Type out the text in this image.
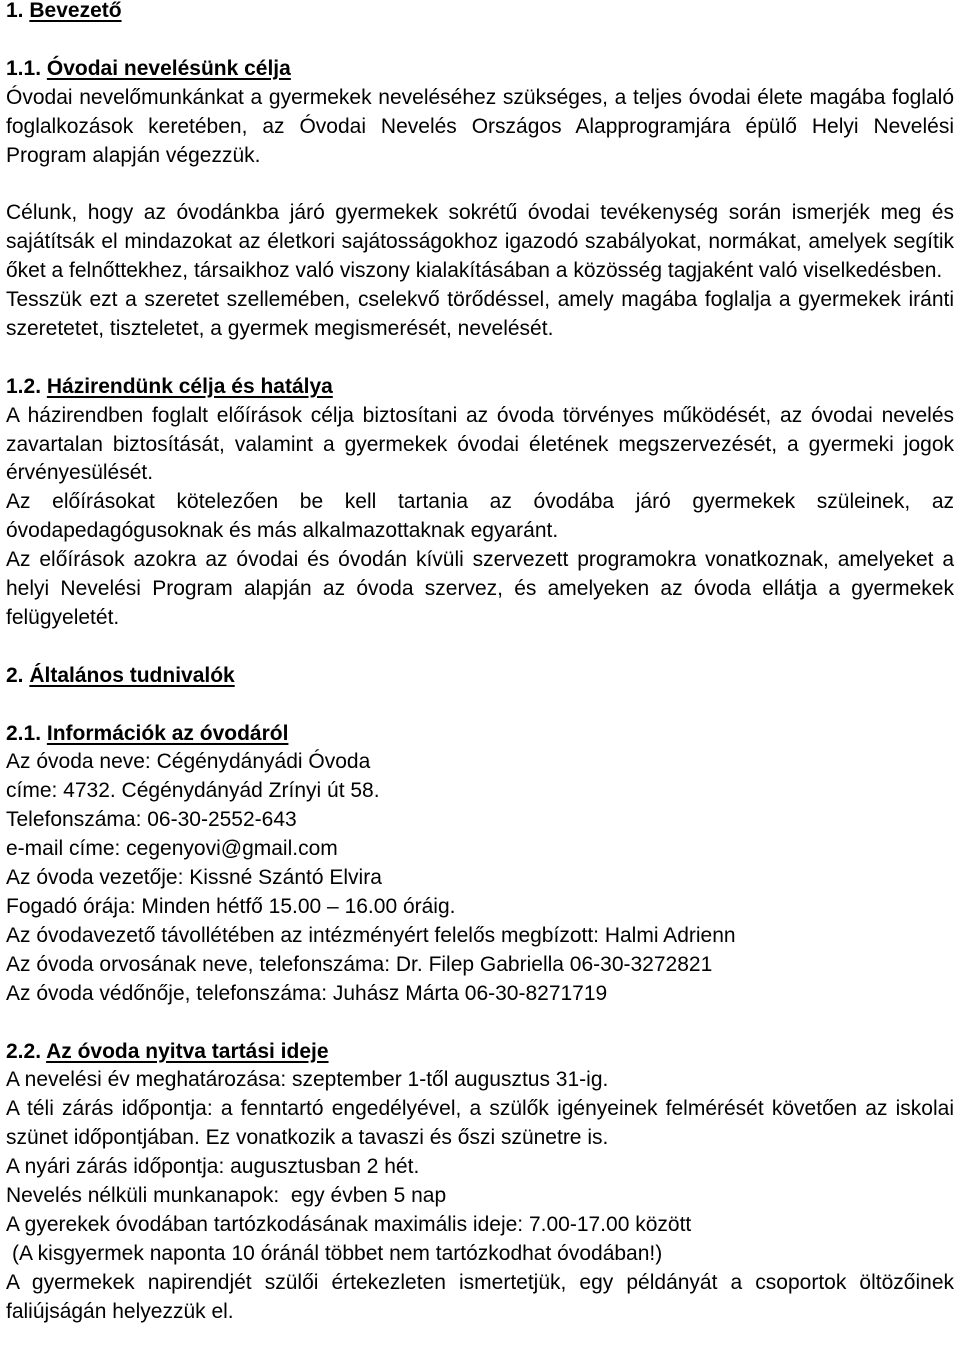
1. Bevezető
1.1. Óvodai nevelésünk célja
Óvodai nevelőmunkánkat a gyermekek neveléséhez szükséges, a teljes óvodai élete magába foglaló foglalkozások keretében, az Óvodai Nevelés Országos Alapprogramjára épülő Helyi Nevelési Program alapján végezzük.
Célunk, hogy az óvodánkba járó gyermekek sokrétű óvodai tevékenység során ismerjék meg és sajátítsák el mindazokat az életkori sajátosságokhoz igazodó szabályokat, normákat, amelyek segítik őket a felnőttekhez, társaikhoz való viszony kialakításában a közösség tagjaként való viselkedésben.
Tesszük ezt a szeretet szellemében, cselekvő törődéssel, amely magába foglalja a gyermekek iránti szeretetet, tiszteletet, a gyermek megismerését, nevelését.
1.2. Házirendünk célja és hatálya
A házirendben foglalt előírások célja biztosítani az óvoda törvényes működését, az óvodai nevelés zavartalan biztosítását, valamint a gyermekek óvodai életének megszervezését, a gyermeki jogok érvényesülését.
Az előírásokat kötelezően be kell tartania az óvodába járó gyermekek szüleinek, az óvodapedagógusoknak és más alkalmazottaknak egyaránt.
Az előírások azokra az óvodai és óvodán kívüli szervezett programokra vonatkoznak, amelyeket a helyi Nevelési Program alapján az óvoda szervez, és amelyeken az óvoda ellátja a gyermekek felügyeletét.
2. Általános tudnivalók
2.1. Információk az óvodáról
Az óvoda neve: Cégénydányádi Óvoda
címe: 4732. Cégénydányád Zrínyi út 58.
Telefonszáma: 06-30-2552-643
e-mail címe: cegenyovi@gmail.com
Az óvoda vezetője: Kissné Szántó Elvira
Fogadó órája: Minden hétfő 15.00 – 16.00 óráig.
Az óvodavezető távollétében az intézményért felelős megbízott: Halmi Adrienn
Az óvoda orvosának neve, telefonszáma: Dr. Filep Gabriella 06-30-3272821
Az óvoda védőnője, telefonszáma: Juhász Márta 06-30-8271719
2.2. Az óvoda nyitva tartási ideje
A nevelési év meghatározása: szeptember 1-től augusztus 31-ig.
A téli zárás időpontja: a fenntartó engedélyével, a szülők igényeinek felmérését követően az iskolai szünet időpontjában. Ez vonatkozik a tavaszi és őszi szünetre is.
A nyári zárás időpontja: augusztusban 2 hét.
Nevelés nélküli munkanapok:  egy évben 5 nap
A gyerekek óvodában tartózkodásának maximális ideje: 7.00-17.00 között
(A kisgyermek naponta 10 óránál többet nem tartózkodhat óvodában!)
A gyermekek napirendjét szülői értekezleten ismertetjük, egy példányát a csoportok öltözőinek faliújságán helyezzük el.
